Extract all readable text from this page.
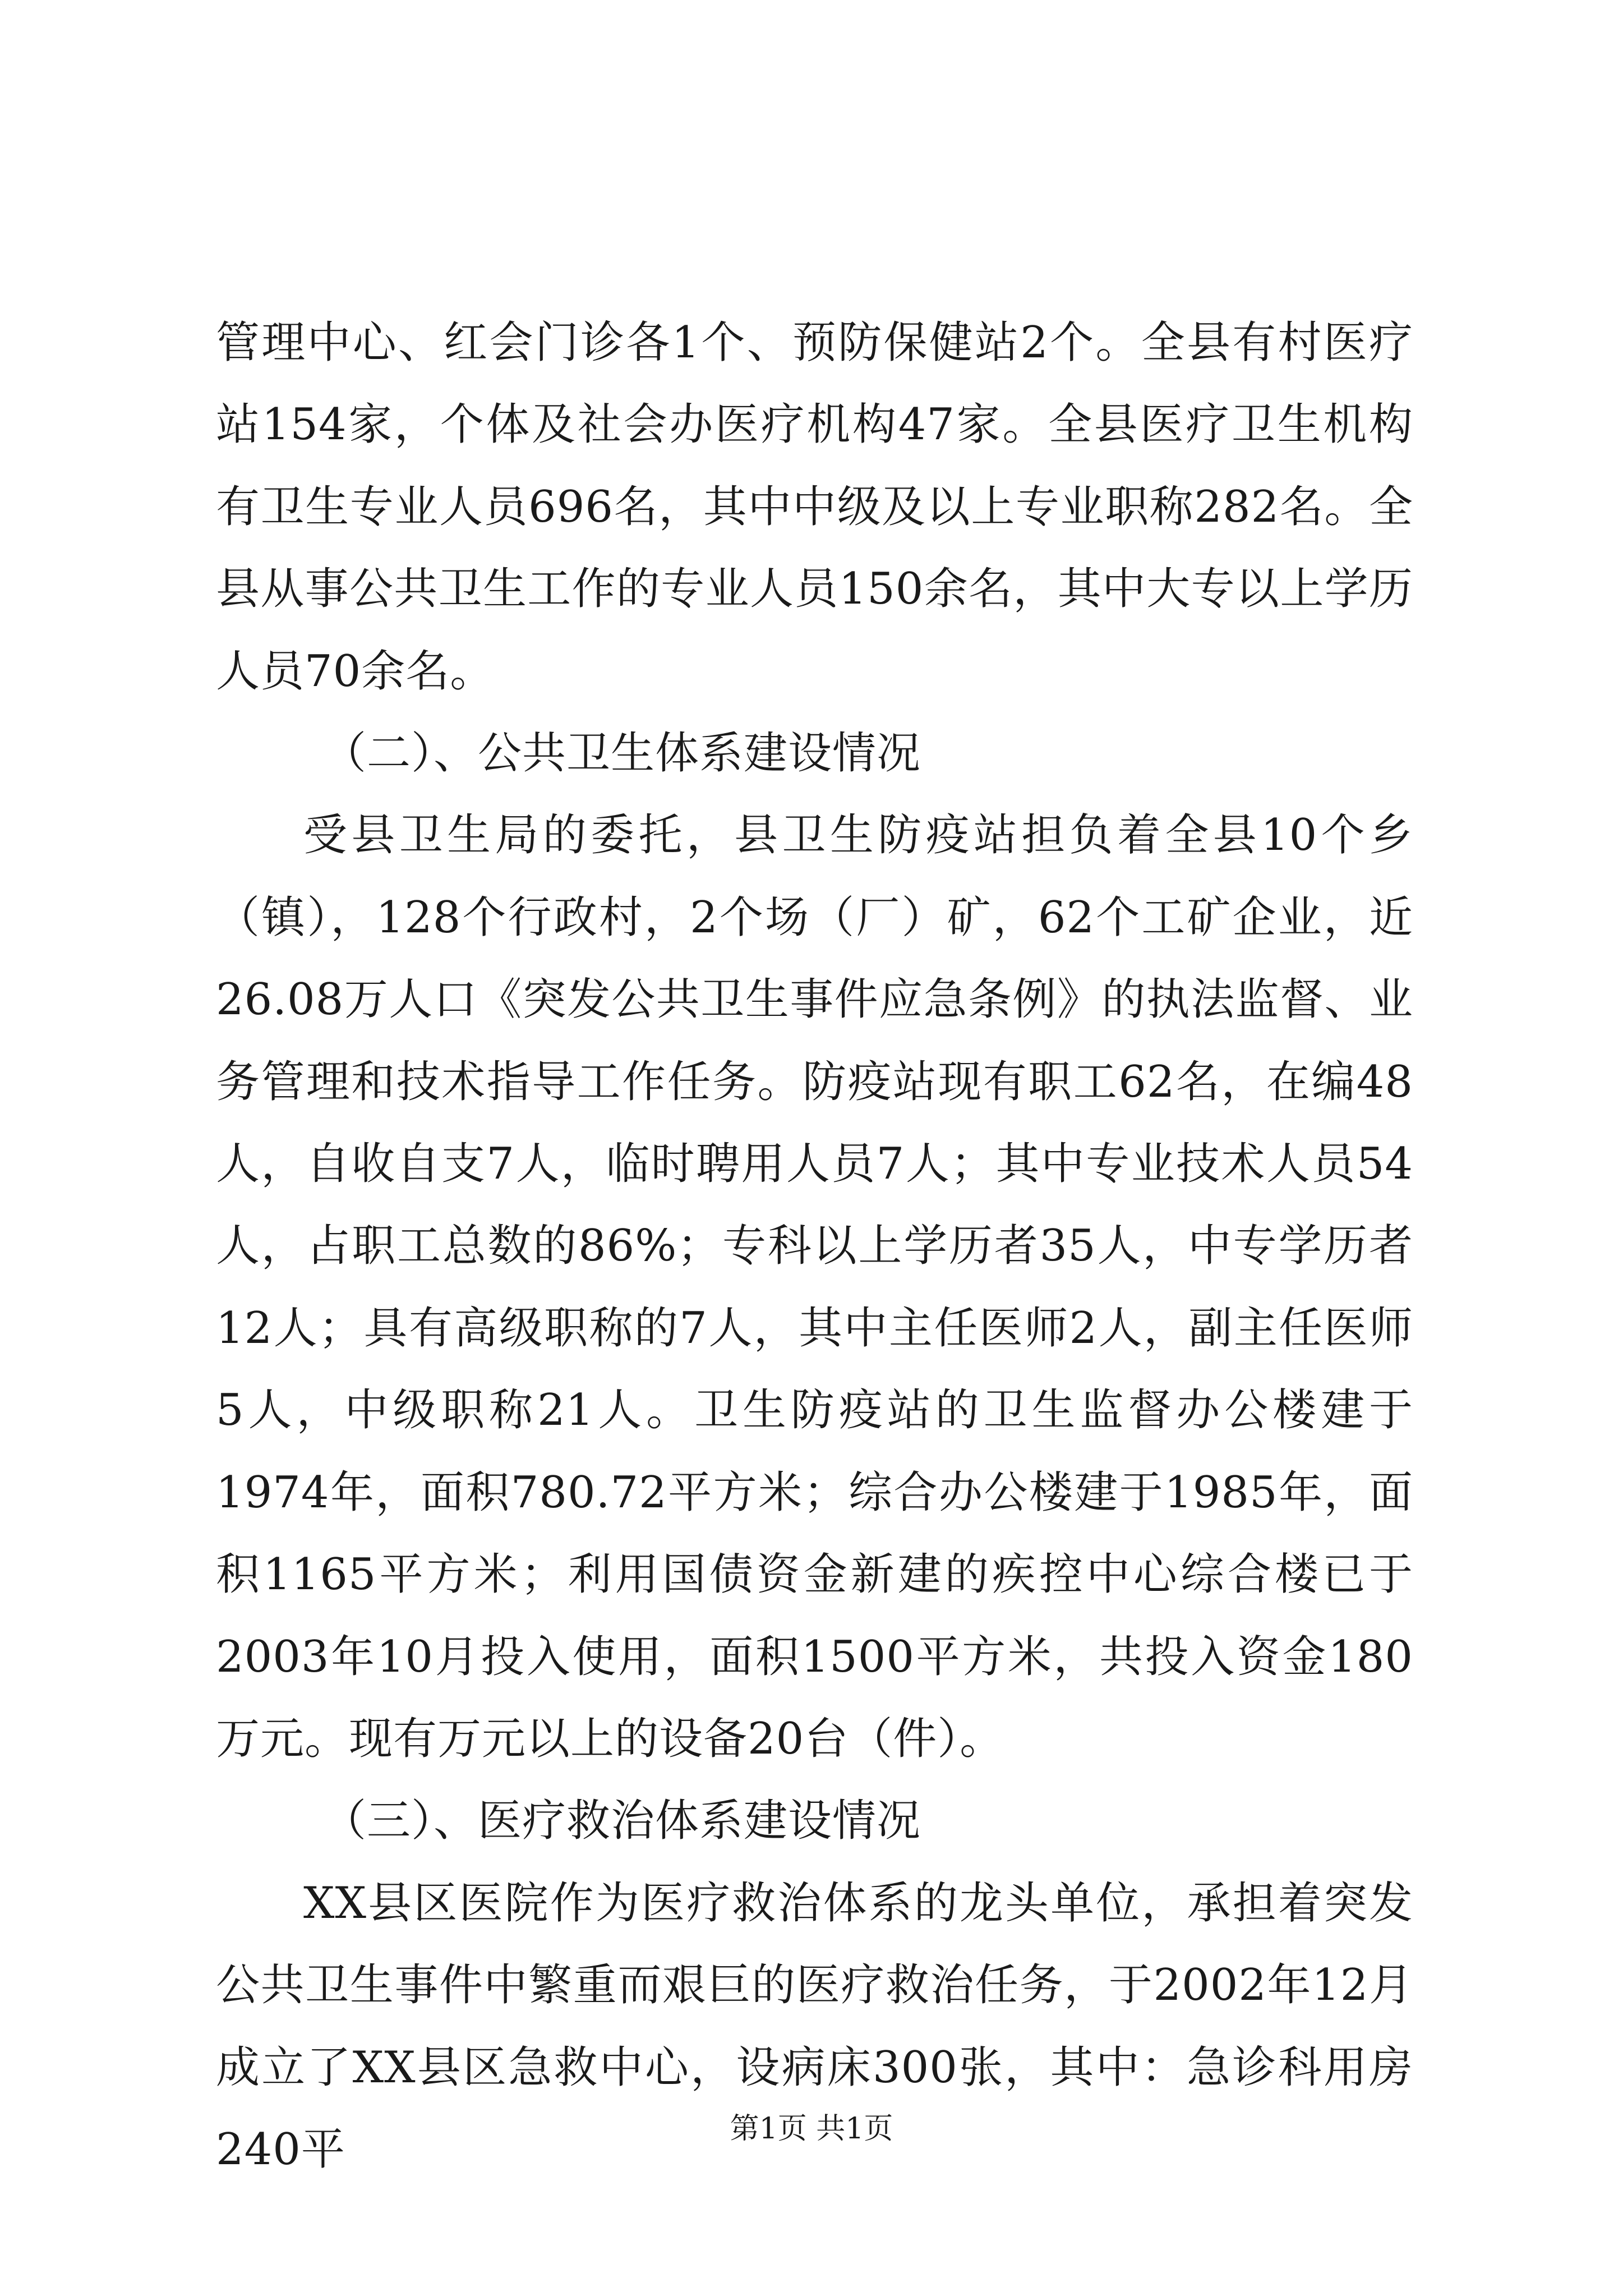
管理中心、红会门诊各1个、预防保健站2个。全县有村医疗站154家，个体及社会办医疗机构47家。全县医疗卫生机构有卫生专业人员696名，其中中级及以上专业职称282名。全县从事公共卫生工作的专业人员150余名，其中大专以上学历人员70余名。

（二）、公共卫生体系建设情况

受县卫生局的委托，县卫生防疫站担负着全县10个乡（镇），128个行政村，2个场（厂）矿，62个工矿企业，近26.08万人口《突发公共卫生事件应急条例》的执法监督、业务管理和技术指导工作任务。防疫站现有职工62名，在编48人，自收自支7人，临时聘用人员7人；其中专业技术人员54人，占职工总数的86%；专科以上学历者35人，中专学历者12人；具有高级职称的7人，其中主任医师2人，副主任医师5人，中级职称21人。卫生防疫站的卫生监督办公楼建于1974年，面积780.72平方米；综合办公楼建于1985年，面积1165平方米；利用国债资金新建的疾控中心综合楼已于2003年10月投入使用，面积1500平方米，共投入资金180万元。现有万元以上的设备20台（件）。

（三）、医疗救治体系建设情况

XX县区医院作为医疗救治体系的龙头单位，承担着突发公共卫生事件中繁重而艰巨的医疗救治任务，于2002年12月成立了XX县区急救中心，设病床300张，其中：急诊科用房240平	第1页 共1页
